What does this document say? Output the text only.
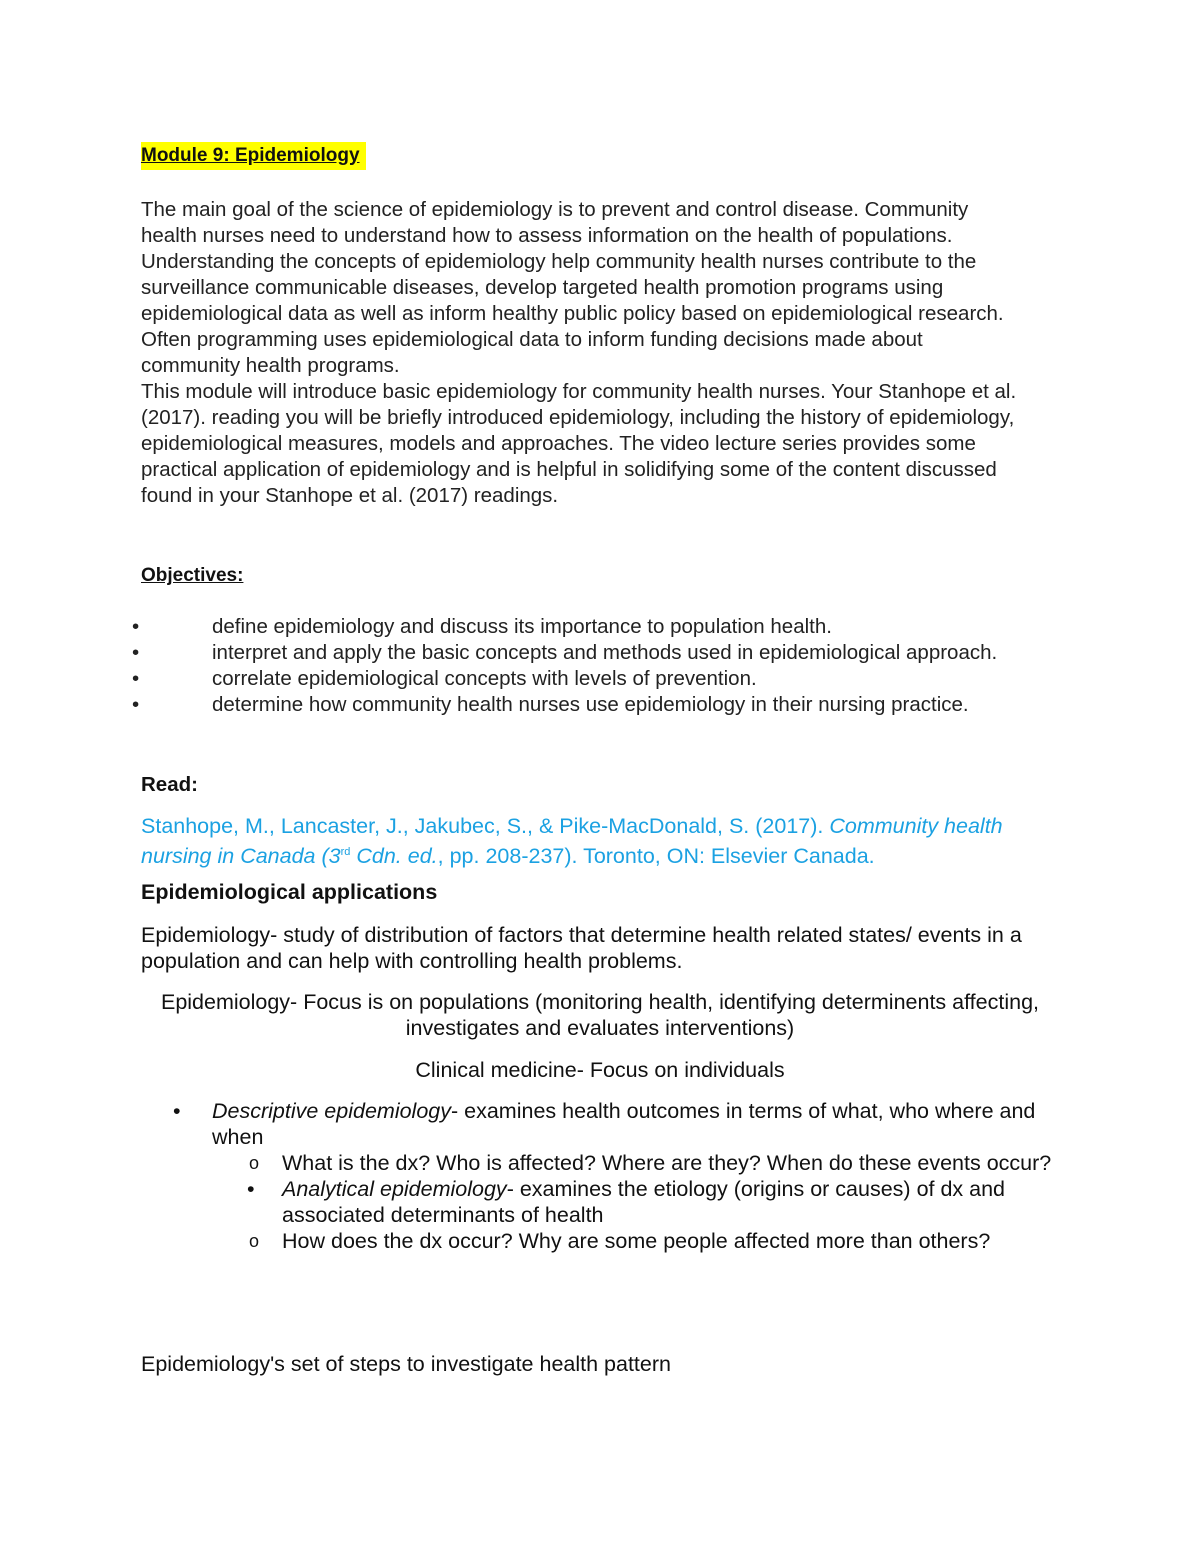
Module 9: Epidemiology

The main goal of the science of epidemiology is to prevent and control disease. Community health nurses need to understand how to assess information on the health of populations. Understanding the concepts of epidemiology help community health nurses contribute to the surveillance communicable diseases, develop targeted health promotion programs using epidemiological data as well as inform healthy public policy based on epidemiological research. Often programming uses epidemiological data to inform funding decisions made about community health programs.

This module will introduce basic epidemiology for community health nurses. Your Stanhope et al. (2017). reading you will be briefly introduced epidemiology, including the history of epidemiology, epidemiological measures, models and approaches. The video lecture series provides some practical application of epidemiology and is helpful in solidifying some of the content discussed found in your Stanhope et al. (2017) readings.

Objectives:
•	define epidemiology and discuss its importance to population health.
•	interpret and apply the basic concepts and methods used in epidemiological approach.
•	correlate epidemiological concepts with levels of prevention.
•	determine how community health nurses use epidemiology in their nursing practice.
Read:
Stanhope, M., Lancaster, J., Jakubec, S., & Pike-MacDonald, S. (2017). Community health nursing in Canada (3rd Cdn. ed., pp. 208-237). Toronto, ON: Elsevier Canada.
Epidemiological applications
Epidemiology- study of distribution of factors that determine health related states/ events in a population and can help with controlling health problems.
Epidemiology- Focus is on populations (monitoring health, identifying determinents affecting, investigates and evaluates interventions)
Clinical medicine- Focus on individuals
• Descriptive epidemiology- examines health outcomes in terms of what, who where and when
o What is the dx? Who is affected? Where are they? When do these events occur?
• Analytical epidemiology- examines the etiology (origins or causes) of dx and associated determinants of health
o How does the dx occur? Why are some people affected more than others?
Epidemiology's set of steps to investigate health pattern
